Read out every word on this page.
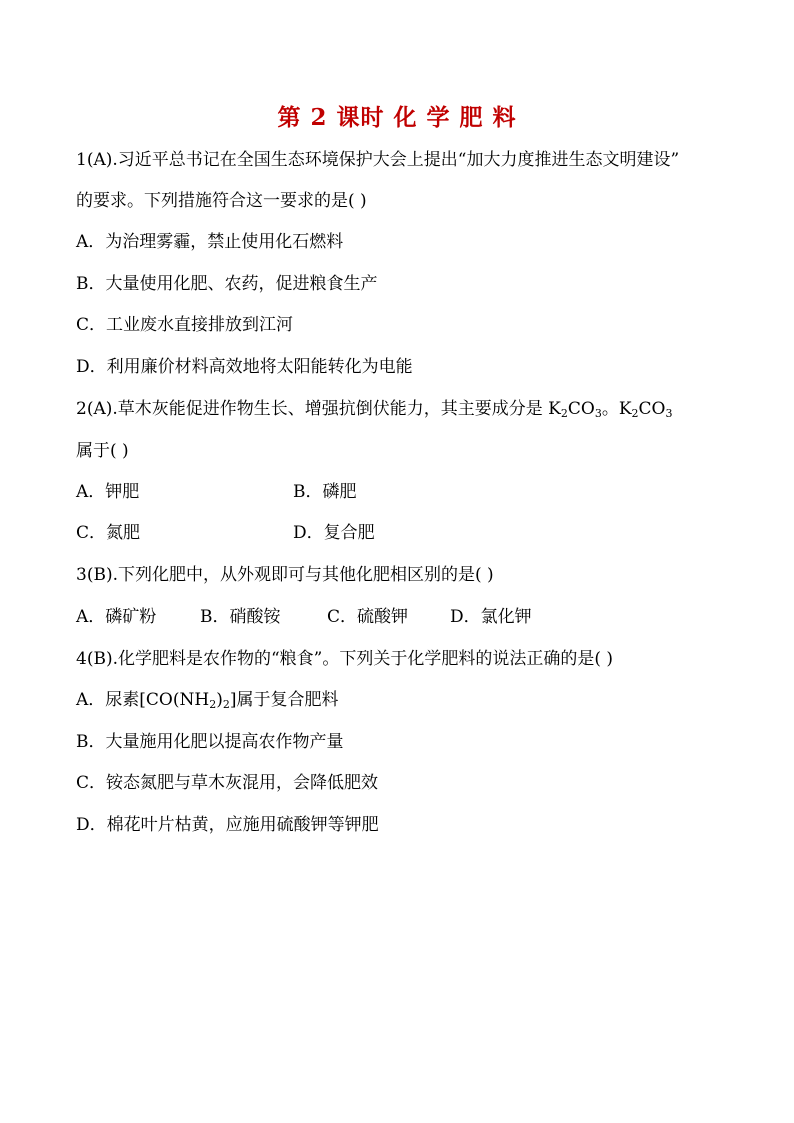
第 2 课时 化 学 肥 料
1(A).习近平总书记在全国生态环境保护大会上提出“加大力度推进生态文明建设”
的要求。下列措施符合这一要求的是( )
A．为治理雾霾，禁止使用化石燃料
B．大量使用化肥、农药，促进粮食生产
C．工业废水直接排放到江河
D．利用廉价材料高效地将太阳能转化为电能
2(A).草木灰能促进作物生长、增强抗倒伏能力，其主要成分是 $K_2CO_3$。$K_2CO_3$
属于( )
A．钾肥	B．磷肥
C．氮肥	D．复合肥
3(B).下列化肥中，从外观即可与其他化肥相区别的是( )
A．磷矿粉	B．硝酸铵	C．硫酸钾 D．氯化钾
4(B).化学肥料是农作物的“粮食”。下列关于化学肥料的说法正确的是( )
A．尿素$[CO(NH_2)_2]$属于复合肥料
B．大量施用化肥以提高农作物产量
C．铵态氮肥与草木灰混用，会降低肥效
D．棉花叶片枯黄，应施用硫酸钾等钾肥
